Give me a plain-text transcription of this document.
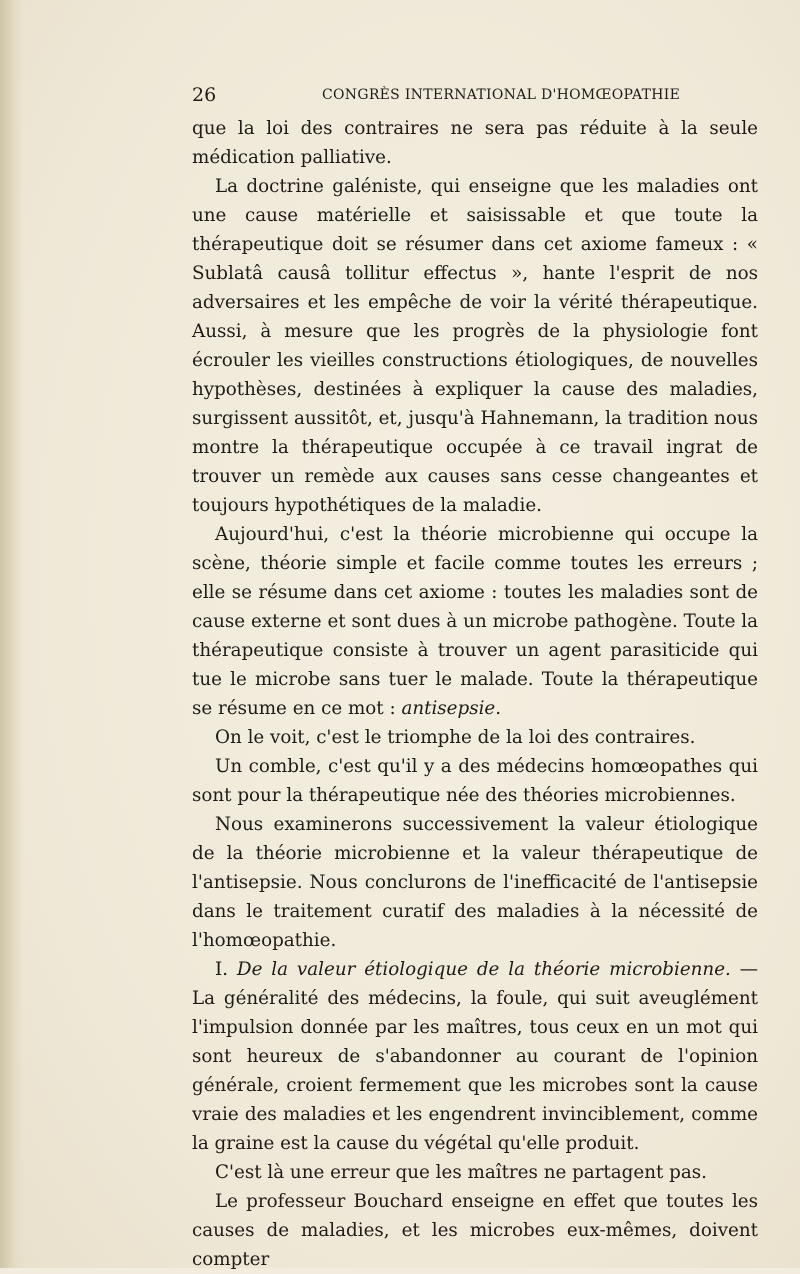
26	CONGRÈS INTERNATIONAL D'HOMŒOPATHIE

que la loi des contraires ne sera pas réduite à la seule médication palliative.

La doctrine galéniste, qui enseigne que les maladies ont une cause matérielle et saisissable et que toute la thérapeutique doit se résumer dans cet axiome fameux : « Sublatâ causâ tollitur effectus », hante l'esprit de nos adversaires et les empêche de voir la vérité thérapeutique. Aussi, à mesure que les progrès de la physiologie font écrouler les vieilles constructions étiologiques, de nouvelles hypothèses, destinées à expliquer la cause des maladies, surgissent aussitôt, et, jusqu'à Hahnemann, la tradition nous montre la thérapeutique occupée à ce travail ingrat de trouver un remède aux causes sans cesse changeantes et toujours hypothétiques de la maladie.

Aujourd'hui, c'est la théorie microbienne qui occupe la scène, théorie simple et facile comme toutes les erreurs ; elle se résume dans cet axiome : toutes les maladies sont de cause externe et sont dues à un microbe pathogène. Toute la thérapeutique consiste à trouver un agent parasiticide qui tue le microbe sans tuer le malade. Toute la thérapeutique se résume en ce mot : antisepsie.

On le voit, c'est le triomphe de la loi des contraires.

Un comble, c'est qu'il y a des médecins homœopathes qui sont pour la thérapeutique née des théories microbiennes.

Nous examinerons successivement la valeur étiologique de la théorie microbienne et la valeur thérapeutique de l'antisepsie. Nous conclurons de l'inefficacité de l'antisepsie dans le traitement curatif des maladies à la nécessité de l'homœopathie.

I. De la valeur étiologique de la théorie microbienne. — La généralité des médecins, la foule, qui suit aveuglément l'impulsion donnée par les maîtres, tous ceux en un mot qui sont heureux de s'abandonner au courant de l'opinion générale, croient fermement que les microbes sont la cause vraie des maladies et les engendrent invinciblement, comme la graine est la cause du végétal qu'elle produit.

C'est là une erreur que les maîtres ne partagent pas.

Le professeur Bouchard enseigne en effet que toutes les causes de maladies, et les microbes eux-mêmes, doivent compter
